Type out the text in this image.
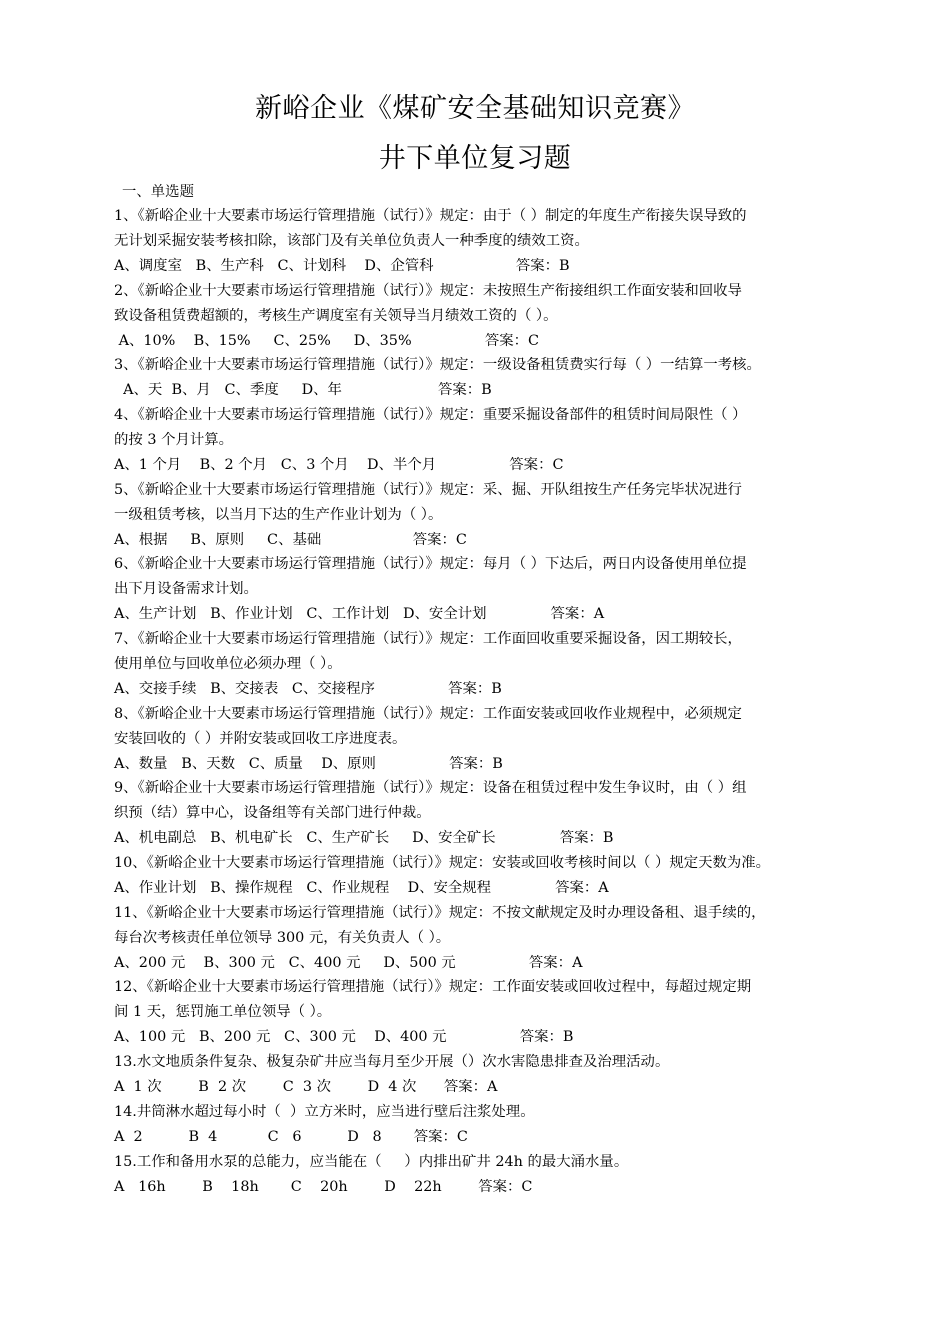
新峪企业《煤矿安全基础知识竞赛》
井下单位复习题
一、单选题
1、《新峪企业十大要素市场运行管理措施（试行）》规定：由于（ ）制定的年度生产衔接失误导致的
无计划采掘安装考核扣除，该部门及有关单位负责人一种季度的绩效工资。
A、调度室   B、生产科   C、计划科    D、企管科                  答案：B
2、《新峪企业十大要素市场运行管理措施（试行）》规定：未按照生产衔接组织工作面安装和回收导
致设备租赁费超额的，考核生产调度室有关领导当月绩效工资的（ ）。
A、10%    B、15%     C、25%     D、35%                答案：C
3、《新峪企业十大要素市场运行管理措施（试行）》规定：一级设备租赁费实行每（ ）一结算一考核。
A、天  B、月   C、季度     D、年                     答案：B
4、《新峪企业十大要素市场运行管理措施（试行）》规定：重要采掘设备部件的租赁时间局限性（ ）
的按 3 个月计算。
A、1 个月    B、2 个月   C、3 个月    D、半个月                答案：C
5、《新峪企业十大要素市场运行管理措施（试行）》规定：采、掘、开队组按生产任务完毕状况进行
一级租赁考核，以当月下达的生产作业计划为（ ）。
A、根据     B、原则     C、基础                    答案：C
6、《新峪企业十大要素市场运行管理措施（试行）》规定：每月（ ）下达后，两日内设备使用单位提
出下月设备需求计划。
A、生产计划   B、作业计划   C、工作计划   D、安全计划              答案：A
7、《新峪企业十大要素市场运行管理措施（试行）》规定：工作面回收重要采掘设备，因工期较长，
使用单位与回收单位必须办理（ ）。
A、交接手续   B、交接表   C、交接程序                答案：B
8、《新峪企业十大要素市场运行管理措施（试行）》规定：工作面安装或回收作业规程中，必须规定
安装回收的（ ）并附安装或回收工序进度表。
A、数量   B、天数   C、质量    D、原则                答案：B
9、《新峪企业十大要素市场运行管理措施（试行）》规定：设备在租赁过程中发生争议时，由（ ）组
织预（结）算中心，设备组等有关部门进行仲裁。
A、机电副总   B、机电矿长   C、生产矿长     D、安全矿长              答案：B
10、《新峪企业十大要素市场运行管理措施（试行）》规定：安装或回收考核时间以（ ）规定天数为准。
A、作业计划   B、操作规程   C、作业规程    D、安全规程              答案：A
11、《新峪企业十大要素市场运行管理措施（试行）》规定：不按文献规定及时办理设备租、退手续的，
每台次考核责任单位领导 300 元，有关负责人（ ）。
A、200 元    B、300 元   C、400 元     D、500 元                答案：A
12、《新峪企业十大要素市场运行管理措施（试行）》规定：工作面安装或回收过程中，每超过规定期
间 1 天，惩罚施工单位领导（ ）。
A、100 元   B、200 元   C、300 元    D、400 元                答案：B
13.水文地质条件复杂、极复杂矿井应当每月至少开展（）次水害隐患排查及治理活动。
A  1 次        B  2 次        C  3 次        D  4 次      答案：A
14.井筒淋水超过每小时（  ）立方米时，应当进行壁后注浆处理。
A  2          B  4           C   6          D   8       答案：C
15.工作和备用水泵的总能力，应当能在（     ）内排出矿井 24h 的最大涌水量。
A   16h        B    18h       C    20h        D    22h        答案：C
